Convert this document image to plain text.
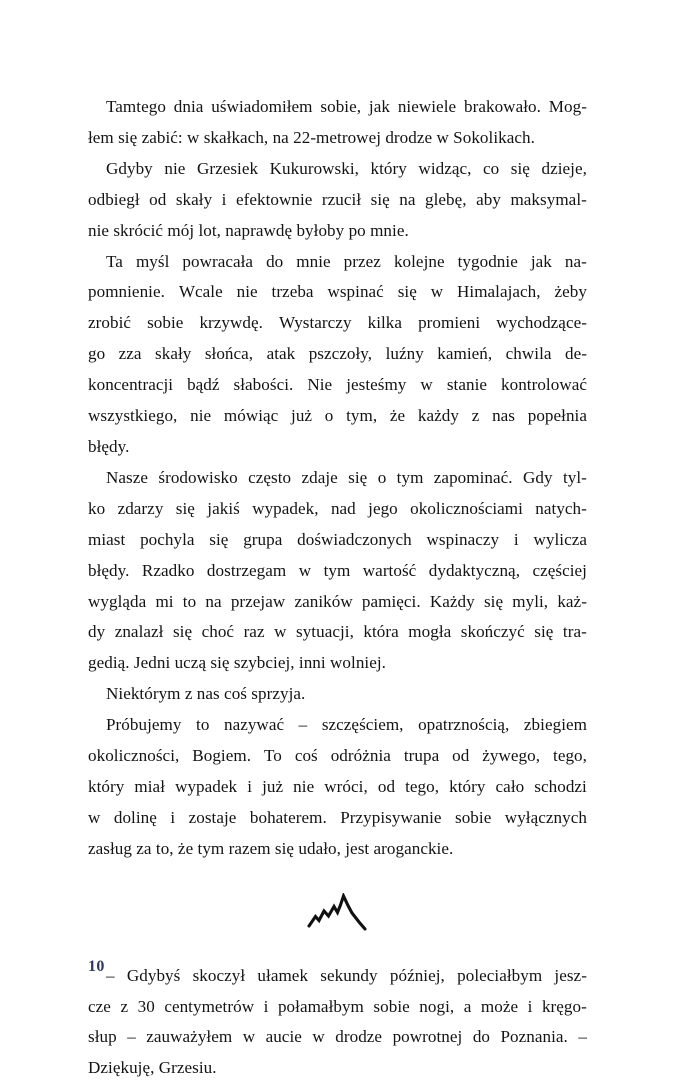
Tamtego dnia uświadomiłem sobie, jak niewiele brakowało. Mog-
łem się zabić: w skałkach, na 22-metrowej drodze w Sokolikach.
Gdyby nie Grzesiek Kukurowski, który widząc, co się dzieje,
odbiegł od skały i efektownie rzucił się na glebę, aby maksymal-
nie skrócić mój lot, naprawdę byłoby po mnie.
Ta myśl powracała do mnie przez kolejne tygodnie jak na-
pomnienie. Wcale nie trzeba wspinać się w Himalajach, żeby
zrobić sobie krzywdę. Wystarczy kilka promieni wychodzące-
go zza skały słońca, atak pszczoły, luźny kamień, chwila de-
koncentracji bądź słabości. Nie jesteśmy w stanie kontrolować
wszystkiego, nie mówiąc już o tym, że każdy z nas popełnia
błędy.
Nasze środowisko często zdaje się o tym zapominać. Gdy tyl-
ko zdarzy się jakiś wypadek, nad jego okolicznościami natych-
miast pochyla się grupa doświadczonych wspinaczy i wylicza
błędy. Rzadko dostrzegam w tym wartość dydaktyczną, częściej
wygląda mi to na przejaw zaników pamięci. Każdy się myli, każ-
dy znalazł się choć raz w sytuacji, która mogła skończyć się tra-
gedią. Jedni uczą się szybciej, inni wolniej.
Niektórym z nas coś sprzyja.
Próbujemy to nazywać – szczęściem, opatrznością, zbiegiem
okoliczności, Bogiem. To coś odróżnia trupa od żywego, tego,
który miał wypadek i już nie wróci, od tego, który cało schodzi
w dolinę i zostaje bohaterem. Przypisywanie sobie wyłącznych
zasług za to, że tym razem się udało, jest aroganckie.
– Gdybyś skoczył ułamek sekundy później, poleciałbym jesz-
cze z 30 centymetrów i połamałbym sobie nogi, a może i kręgo-
słup – zauważyłem w aucie w drodze powrotnej do Poznania. –
Dziękuję, Grzesiu.
10
